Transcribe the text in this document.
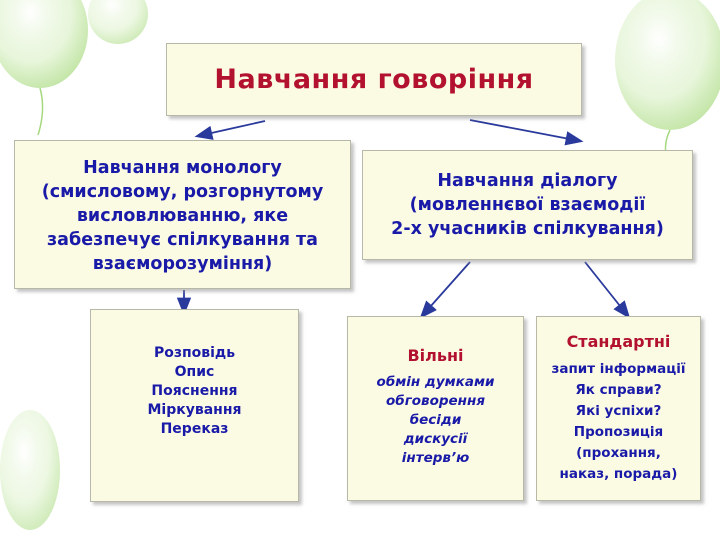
Навчання говоріння
Навчання монологу
(смисловому, розгорнутому
висловлюванню, яке
забезпечує спілкування та
взаєморозуміння)
Навчання діалогу
(мовленнєвої взаємодії
2-х учасників спілкування)
Розповідь
Опис
Пояснення
Міркування
Переказ
Вільні
обмін думками
обговорення
бесіди
дискусії
інтерв’ю
Стандартні
запит інформації
Як справи?
Які успіхи?
Пропозиція
(прохання,
наказ, порада)
